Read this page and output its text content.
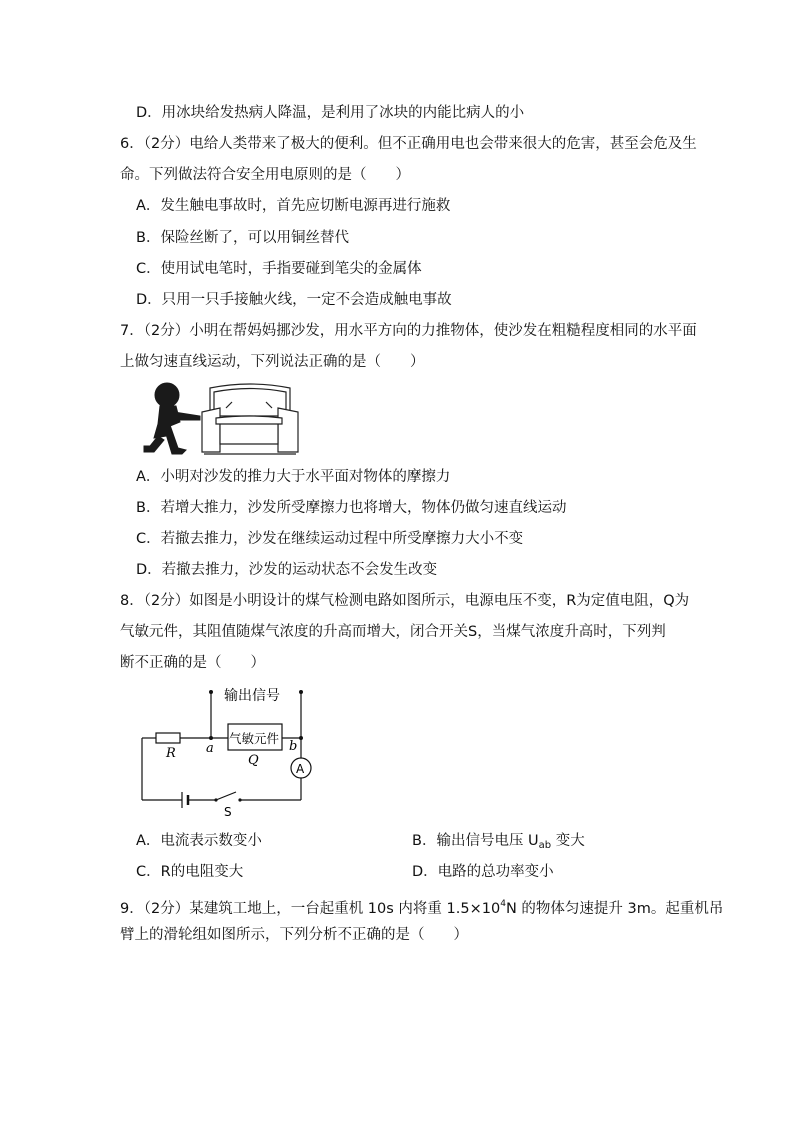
D．用冰块给发热病人降温，是利用了冰块的内能比病人的小
6．（2分）电给人类带来了极大的便利。但不正确用电也会带来很大的危害，甚至会危及生
命。下列做法符合安全用电原则的是（　　）
A．发生触电事故时，首先应切断电源再进行施救
B．保险丝断了，可以用铜丝替代
C．使用试电笔时，手指要碰到笔尖的金属体
D．只用一只手接触火线，一定不会造成触电事故
7．（2分）小明在帮妈妈挪沙发，用水平方向的力推物体，使沙发在粗糙程度相同的水平面
上做匀速直线运动，下列说法正确的是（　　）
A．小明对沙发的推力大于水平面对物体的摩擦力
B．若增大推力，沙发所受摩擦力也将增大，物体仍做匀速直线运动
C．若撤去推力，沙发在继续运动过程中所受摩擦力大小不变
D．若撤去推力，沙发的运动状态不会发生改变
8．（2分）如图是小明设计的煤气检测电路如图所示，电源电压不变，R为定值电阻，Q为
气敏元件，其阻值随煤气浓度的升高而增大，闭合开关S，当煤气浓度升高时，下列判
断不正确的是（　　）
输出信号
气敏元件
R a	b
Q
A
S
A．电流表示数变小	B．输出信号电压 $U_{ab}$ 变大
C．R的电阻变大	D．电路的总功率变小
9．（2分）某建筑工地上，一台起重机 10s 内将重 $1.5\times 10^4N$ 的物体匀速提升 3m。起重机吊
臂上的滑轮组如图所示，下列分析不正确的是（　　）
